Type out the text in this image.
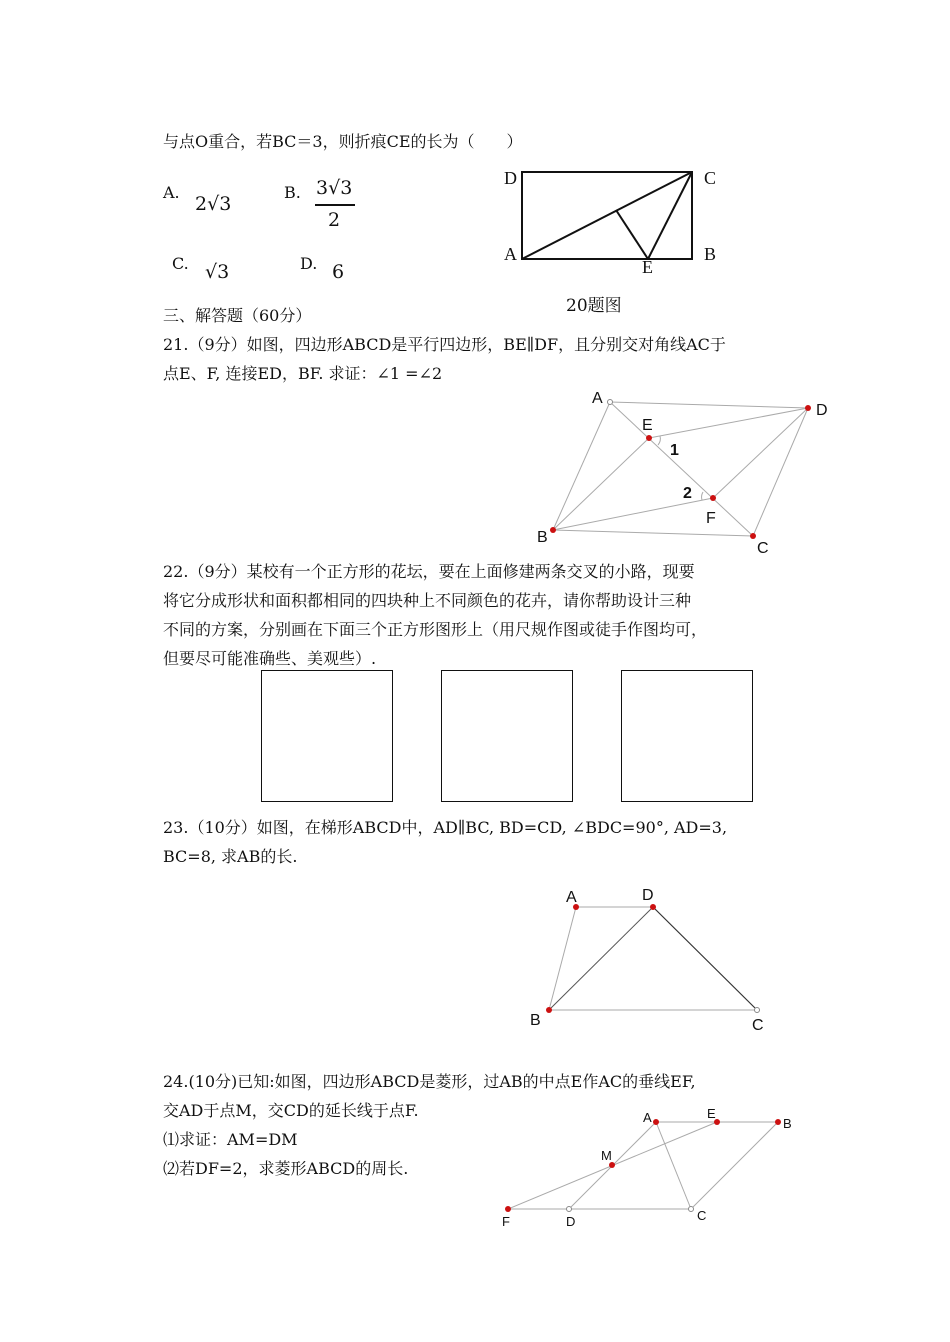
与点O重合，若BC＝3，则折痕CE的长为（　　）
A.
2√3
B. 3√3
2
C. √3	D. 6
20题图
三、解答题（60分）
21.（9分）如图，四边形ABCD是平行四边形，BE∥DF，且分别交对角线AC于
点E、F, 连接ED，BF. 求证：∠1 =∠2
22.（9分）某校有一个正方形的花坛，要在上面修建两条交叉的小路，现要
将它分成形状和面积都相同的四块种上不同颜色的花卉，请你帮助设计三种
不同的方案，分别画在下面三个正方形图形上（用尺规作图或徒手作图均可，
但要尽可能准确些、美观些）.
23.（10分）如图，在梯形ABCD中，AD∥BC, BD=CD, ∠BDC=90°, AD=3,
BC=8, 求AB的长.
24.(10分)已知:如图，四边形ABCD是菱形，过AB的中点E作AC的垂线EF,
交AD于点M，交CD的延长线于点F.
⑴求证：AM=DM
⑵若DF=2，求菱形ABCD的周长.
D	C
A	B
E
A
D
E
1
2
F
B
C
A	D
B	C
A	E
B
M
F	D	C
